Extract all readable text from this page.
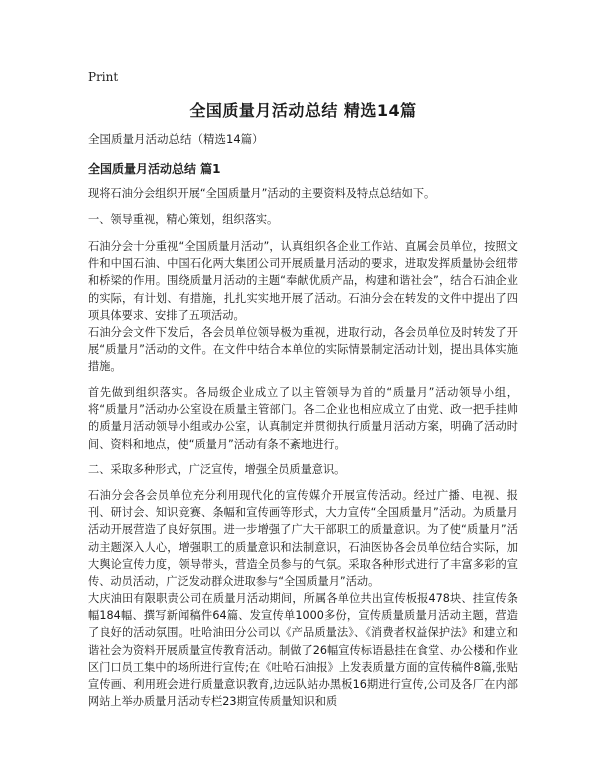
Print
全国质量月活动总结 精选14篇
全国质量月活动总结（精选14篇）
全国质量月活动总结 篇1

现将石油分会组织开展“全国质量月”活动的主要资料及特点总结如下。

一、领导重视，精心策划，组织落实。

石油分会十分重视“全国质量月活动”，认真组织各企业工作站、直属会员单位，按照文件和中国石油、中国石化两大集团公司开展质量月活动的要求，进取发挥质量协会纽带和桥梁的作用。围绕质量月活动的主题“奉献优质产品，构建和谐社会”，结合石油企业的实际，有计划、有措施，扎扎实实地开展了活动。石油分会在转发的文件中提出了四项具体要求、安排了五项活动。

石油分会文件下发后，各会员单位领导极为重视，进取行动，各会员单位及时转发了开展“质量月”活动的文件。在文件中结合本单位的实际情景制定活动计划，提出具体实施措施。

首先做到组织落实。各局级企业成立了以主管领导为首的“质量月”活动领导小组，将“质量月”活动办公室设在质量主管部门。各二企业也相应成立了由党、政一把手挂帅的质量月活动领导小组或办公室，认真制定并贯彻执行质量月活动方案，明确了活动时间、资料和地点，使“质量月”活动有条不紊地进行。

二、采取多种形式，广泛宣传，增强全员质量意识。

石油分会各会员单位充分利用现代化的宣传媒介开展宣传活动。经过广播、电视、报刊、研讨会、知识竞赛、条幅和宣传画等形式，大力宣传“全国质量月”活动。为质量月活动开展营造了良好氛围。进一步增强了广大干部职工的质量意识。为了使“质量月”活动主题深入人心，增强职工的质量意识和法制意识，石油医协各会员单位结合实际，加大舆论宣传力度，领导带头，营造全员参与的气氛。采取各种形式进行了丰富多彩的宣传、动员活动，广泛发动群众进取参与“全国质量月”活动。

大庆油田有限职责公司在质量月活动期间，所属各单位共出宣传板报478块、挂宣传条幅184幅、撰写新闻稿件64篇、发宣传单1000多份，宣传质量质量月活动主题，营造了良好的活动氛围。吐哈油田分公司以《产品质量法》、《消费者权益保护法》和建立和谐社会为资料开展质量宣传教育活动。制做了26幅宣传标语悬挂在食堂、办公楼和作业区门口员工集中的场所进行宣传;在《吐哈石油报》上发表质量方面的宣传稿件8篇,张贴宣传画、利用班会进行质量意识教育,边远队站办黑板16期进行宣传,公司及各厂在内部网站上举办质量月活动专栏23期宣传质量知识和质
